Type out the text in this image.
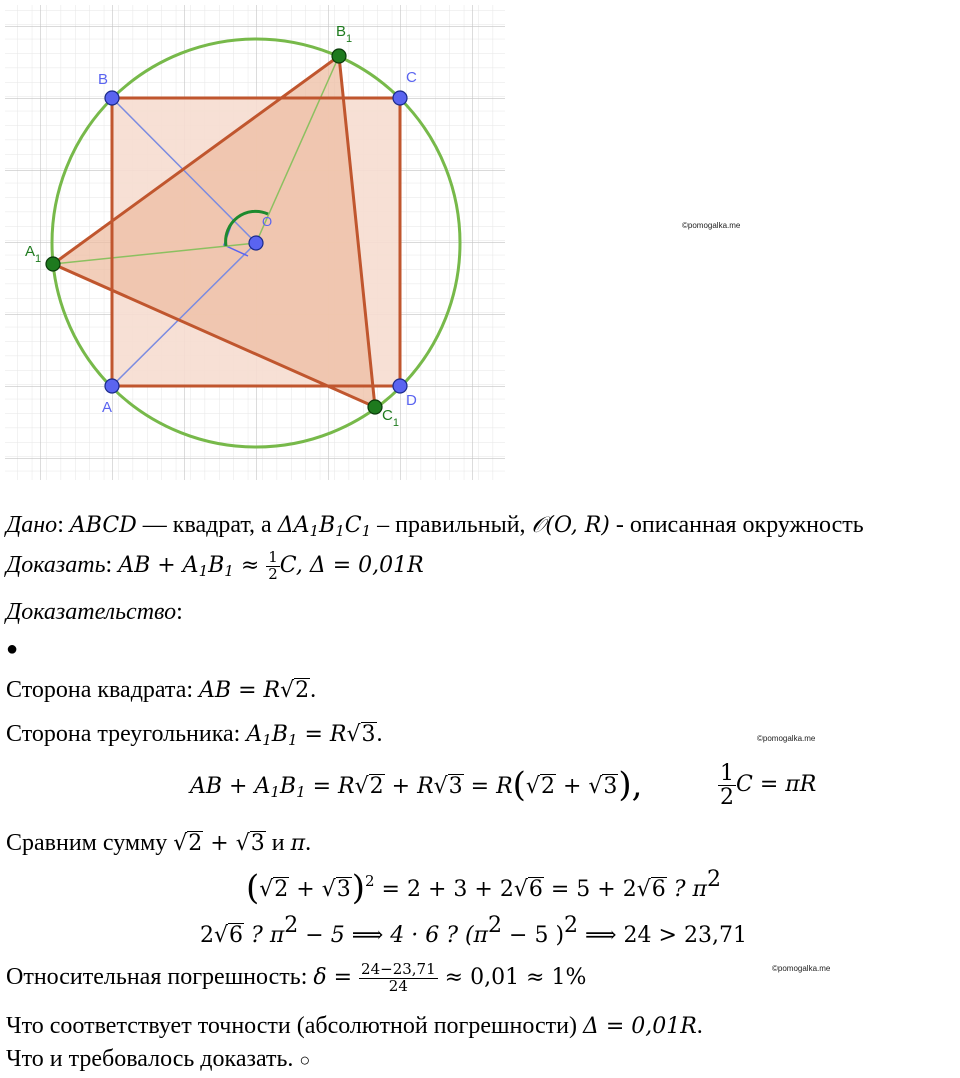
A
B	C
D
O
$A_1$
$B_1$
$C_1$
©pomogalka.me
©pomogalka.me
©pomogalka.me
Дано: ABCD — квадрат, а $\Delta A_1B_1C_1$ – правильный, 𝒪(O, R) - описанная окружность
Доказать: AB + $A_1B_1 \approx \frac{1}{2} C$, Δ = 0,01R
Доказательство:
●
Сторона квадрата: AB = R√2.
Сторона треугольника: $A_1B_1 = R√3$.
AB + $A_1B_1 = R√2 + R√3 = R(√2 + √3)$,	$\frac{1}{2}$ C = πR
Сравним сумму √2 + √3 и π.
$(√2 + √3)^2 = 2 + 3 + 2√6 = 5 + 2√6$ ? $\pi^2$
2√6 ? $\pi^2 - 5$ ⟹ 4 · 6 ? ($\pi^2 - 5$ )$^2$ ⟹ 24 > 23,71
Относительная погрешность: $\delta = \frac{24-23,71}{24} \approx 0,01 \approx 1\%$
Что соответствует точности (абсолютной погрешности) Δ = 0,01R.
Что и требовалось доказать. ○
